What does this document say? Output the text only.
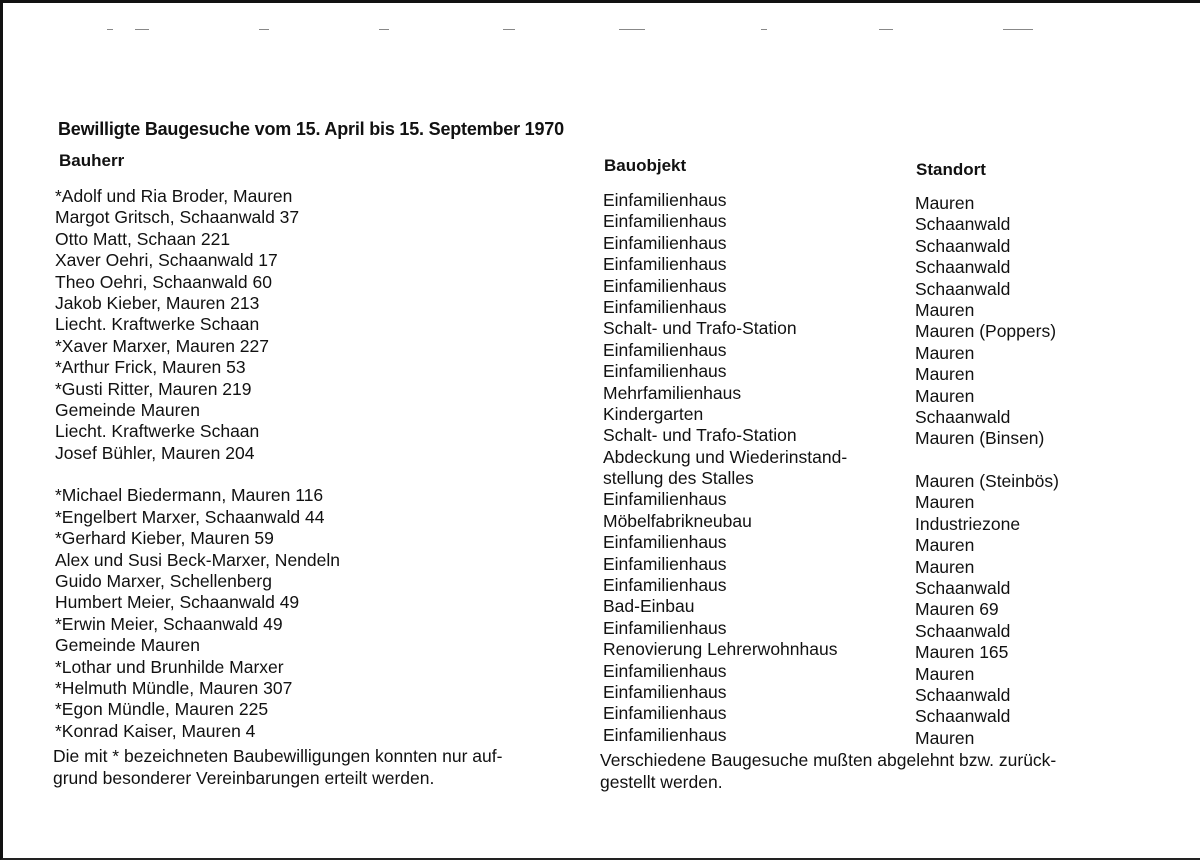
Bewilligte Baugesuche vom 15. April bis 15. September 1970
Bauherr	Bauobjekt	Standort
*Adolf und Ria Broder, Mauren
Margot Gritsch, Schaanwald 37
Otto Matt, Schaan 221
Xaver Oehri, Schaanwald 17
Theo Oehri, Schaanwald 60
Jakob Kieber, Mauren 213
Liecht. Kraftwerke Schaan
*Xaver Marxer, Mauren 227
*Arthur Frick, Mauren 53
*Gusti Ritter, Mauren 219
Gemeinde Mauren
Liecht. Kraftwerke Schaan
Josef Bühler, Mauren 204
*Michael Biedermann, Mauren 116
*Engelbert Marxer, Schaanwald 44
*Gerhard Kieber, Mauren 59
Alex und Susi Beck-Marxer, Nendeln
Guido Marxer, Schellenberg
Humbert Meier, Schaanwald 49
*Erwin Meier, Schaanwald 49
Gemeinde Mauren
*Lothar und Brunhilde Marxer
*Helmuth Mündle, Mauren 307
*Egon Mündle, Mauren 225
*Konrad Kaiser, Mauren 4
Einfamilienhaus
Einfamilienhaus
Einfamilienhaus
Einfamilienhaus
Einfamilienhaus
Einfamilienhaus
Schalt- und Trafo-Station
Einfamilienhaus
Einfamilienhaus
Mehrfamilienhaus
Kindergarten
Schalt- und Trafo-Station
Abdeckung und Wiederinstand-
stellung des Stalles
Einfamilienhaus
Möbelfabrikneubau
Einfamilienhaus
Einfamilienhaus
Einfamilienhaus
Bad-Einbau
Einfamilienhaus
Renovierung Lehrerwohnhaus
Einfamilienhaus
Einfamilienhaus
Einfamilienhaus
Einfamilienhaus
Mauren
Schaanwald
Schaanwald
Schaanwald
Schaanwald
Mauren
Mauren (Poppers)
Mauren
Mauren
Mauren
Schaanwald
Mauren (Binsen)
Mauren (Steinbös)
Mauren
Industriezone
Mauren
Mauren
Schaanwald
Mauren 69
Schaanwald
Mauren 165
Mauren
Schaanwald
Schaanwald
Mauren
Die mit * bezeichneten Baubewilligungen konnten nur auf-
grund besonderer Vereinbarungen erteilt werden.
Verschiedene Baugesuche mußten abgelehnt bzw. zurück-
gestellt werden.
